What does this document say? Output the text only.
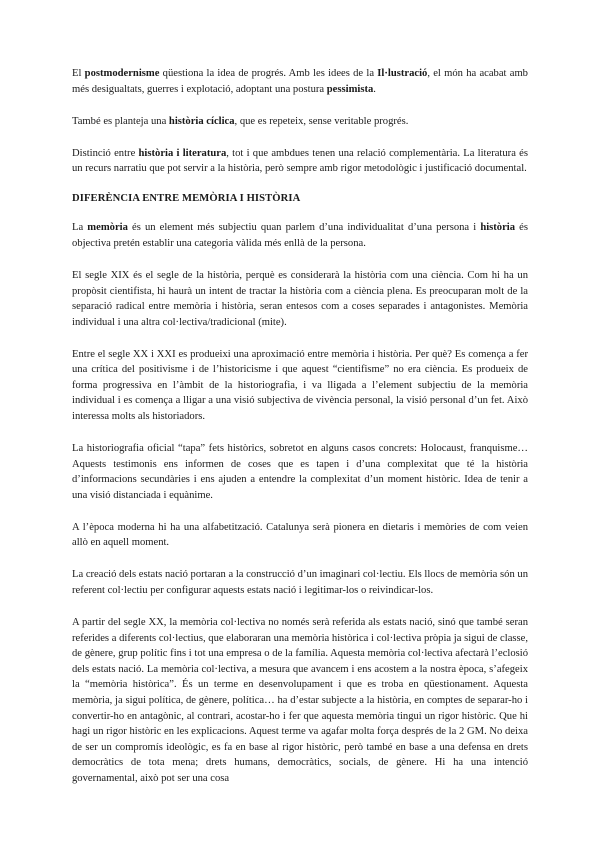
El postmodernisme qüestiona la idea de progrés. Amb les idees de la Il·lustració, el món ha acabat amb més desigualtats, guerres i explotació, adoptant una postura pessimista.

També es planteja una història cíclica, que es repeteix, sense veritable progrés.

Distinció entre història i literatura, tot i que ambdues tenen una relació complementària. La literatura és un recurs narratiu que pot servir a la història, però sempre amb rigor metodològic i justificació documental.

DIFERÈNCIA ENTRE MEMÒRIA I HISTÒRIA

La memòria és un element més subjectiu quan parlem d’una individualitat d’una persona i història és objectiva pretén establir una categoria vàlida més enllà de la persona.

El segle XIX és el segle de la història, perquè es considerarà la història com una ciència. Com hi ha un propòsit cientifista, hi haurà un intent de tractar la història com a ciència plena. Es preocuparan molt de la separació radical entre memòria i història, seran entesos com a coses separades i antagonistes. Memòria individual i una altra col·lectiva/tradicional (mite).

Entre el segle XX i XXI es produeixi una aproximació entre memòria i història. Per què? Es comença a fer una crítica del positivisme i de l’historicisme i que aquest “cientifisme” no era ciència. Es produeix de forma progressiva en l’àmbit de la historiografia, i va lligada a l’element subjectiu de la memòria individual i es comença a lligar a una visió subjectiva de vivència personal, la visió personal d’un fet. Això interessa molts als historiadors.

La historiografia oficial “tapa” fets històrics, sobretot en alguns casos concrets: Holocaust, franquisme… Aquests testimonis ens informen de coses que es tapen i d’una complexitat que té la història d’informacions secundàries i ens ajuden a entendre la complexitat d’un moment històric. Idea de tenir a una visió distanciada i equànime.

A l’època moderna hi ha una alfabetització. Catalunya serà pionera en dietaris i memòries de com veien allò en aquell moment.

La creació dels estats nació portaran a la construcció d’un imaginari col·lectiu. Els llocs de memòria són un referent col·lectiu per configurar aquests estats nació i legitimar-los o reivindicar-los.

A partir del segle XX, la memòria col·lectiva no només serà referida als estats nació, sinó que també seran referides a diferents col·lectius, que elaboraran una memòria històrica i col·lectiva pròpia ja sigui de classe, de gènere, grup polític fins i tot una empresa o de la família. Aquesta memòria col·lectiva afectarà l’eclosió dels estats nació. La memòria col·lectiva, a mesura que avancem i ens acostem a la nostra època, s’afegeix la “memòria històrica”. És un terme en desenvolupament i que es troba en qüestionament. Aquesta memòria, ja sigui política, de gènere, política… ha d’estar subjecte a la història, en comptes de separar-ho i convertir-ho en antagònic, al contrari, acostar-ho i fer que aquesta memòria tingui un rigor històric. Que hi hagi un rigor històric en les explicacions. Aquest terme va agafar molta força després de la 2 GM. No deixa de ser un compromís ideològic, es fa en base al rigor històric, però també en base a una defensa en drets democràtics de tota mena; drets humans, democràtics, socials, de gènere. Hi ha una intenció governamental, això pot ser una cosa
